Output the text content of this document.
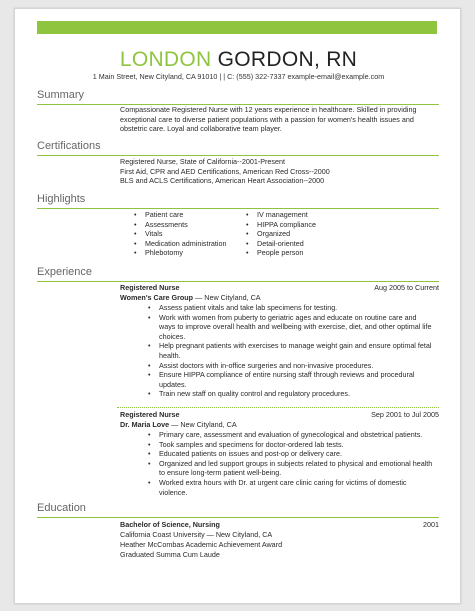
LONDON GORDON, RN
1 Main Street, New Cityland, CA 91010 | | C: (555) 322-7337 example-email@example.com
Summary
Compassionate Registered Nurse with 12 years experience in healthcare. Skilled in providing
exceptional care to diverse patient populations with a passion for women's health issues and
obstetric care. Loyal and collaborative team player.
Certifications
Registered Nurse, State of California--2001-Present
First Aid, CPR and AED Certifications, American Red Cross--2000
BLS and ACLS Certifications, American Heart Association--2000
Highlights
• Patient care
• Assessments
• Vitals
• Medication administration
• Phlebotomy
• IV management
• HIPPA compliance
• Organized
• Detail-oriented
• People person
Experience
Registered Nurse	Aug 2005 to Current
Women's Care Group — New Cityland, CA
• Assess patient vitals and take lab specimens for testing.
• Work with women from puberty to geriatric ages and educate on routine care and
ways to improve overall health and wellbeing with exercise, diet, and other optimal life
choices.
• Help pregnant patients with exercises to manage weight gain and ensure optimal fetal
health.
• Assist doctors with in-office surgeries and non-invasive procedures.
• Ensure HIPPA compliance of entire nursing staff through reviews and procedural
updates.
• Train new staff on quality control and regulatory procedures.
Registered Nurse	Sep 2001 to Jul 2005
Dr. Maria Love — New Cityland, CA
• Primary care, assessment and evaluation of gynecological and obstetrical patients.
• Took samples and specimens for doctor-ordered lab tests.
• Educated patients on issues and post-op or delivery care.
• Organized and led support groups in subjects related to physical and emotional health
to ensure long-term patient well-being.
• Worked extra hours with Dr. at urgent care clinic caring for victims of domestic
violence.
Education
Bachelor of Science, Nursing	2001
California Coast University — New Cityland, CA
Heather McCombas Academic Achievement Award
Graduated Summa Cum Laude
